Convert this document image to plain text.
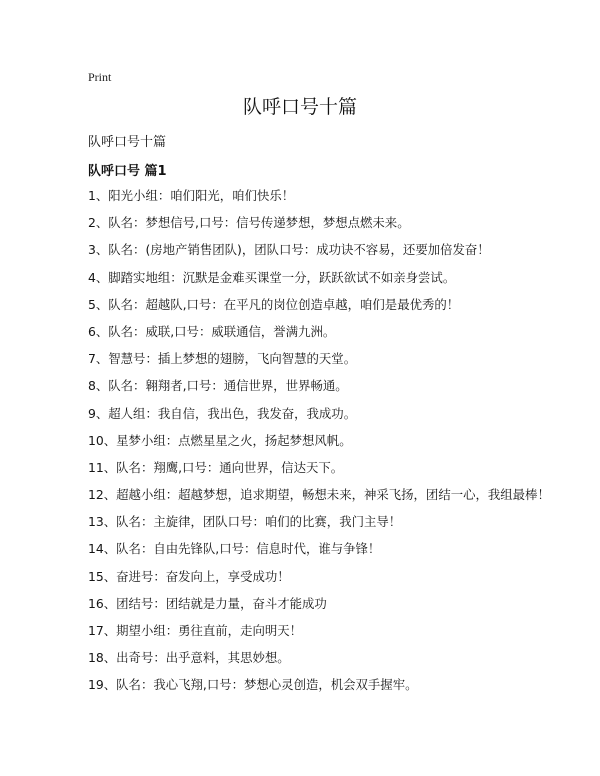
Print
队呼口号十篇
队呼口号十篇
队呼口号 篇1
1、阳光小组：咱们阳光，咱们快乐！
2、队名：梦想信号,口号：信号传递梦想，梦想点燃未来。
3、队名：(房地产销售团队)，团队口号：成功诀不容易，还要加倍发奋！
4、脚踏实地组：沉默是金难买课堂一分，跃跃欲试不如亲身尝试。
5、队名：超越队,口号：在平凡的岗位创造卓越，咱们是最优秀的！
6、队名：威联,口号：威联通信，誉满九洲。
7、智慧号：插上梦想的翅膀，飞向智慧的天堂。
8、队名：翱翔者,口号：通信世界，世界畅通。
9、超人组：我自信，我出色，我发奋，我成功。
10、星梦小组：点燃星星之火，扬起梦想风帆。
11、队名：翔鹰,口号：通向世界，信达天下。
12、超越小组：超越梦想，追求期望，畅想未来，神采飞扬，团结一心，我组最棒！
13、队名：主旋律，团队口号：咱们的比赛，我门主导！
14、队名：自由先锋队,口号：信息时代，谁与争锋！
15、奋进号：奋发向上，享受成功！
16、团结号：团结就是力量，奋斗才能成功
17、期望小组：勇往直前，走向明天！
18、出奇号：出乎意料，其思妙想。
19、队名：我心飞翔,口号：梦想心灵创造，机会双手握牢。
